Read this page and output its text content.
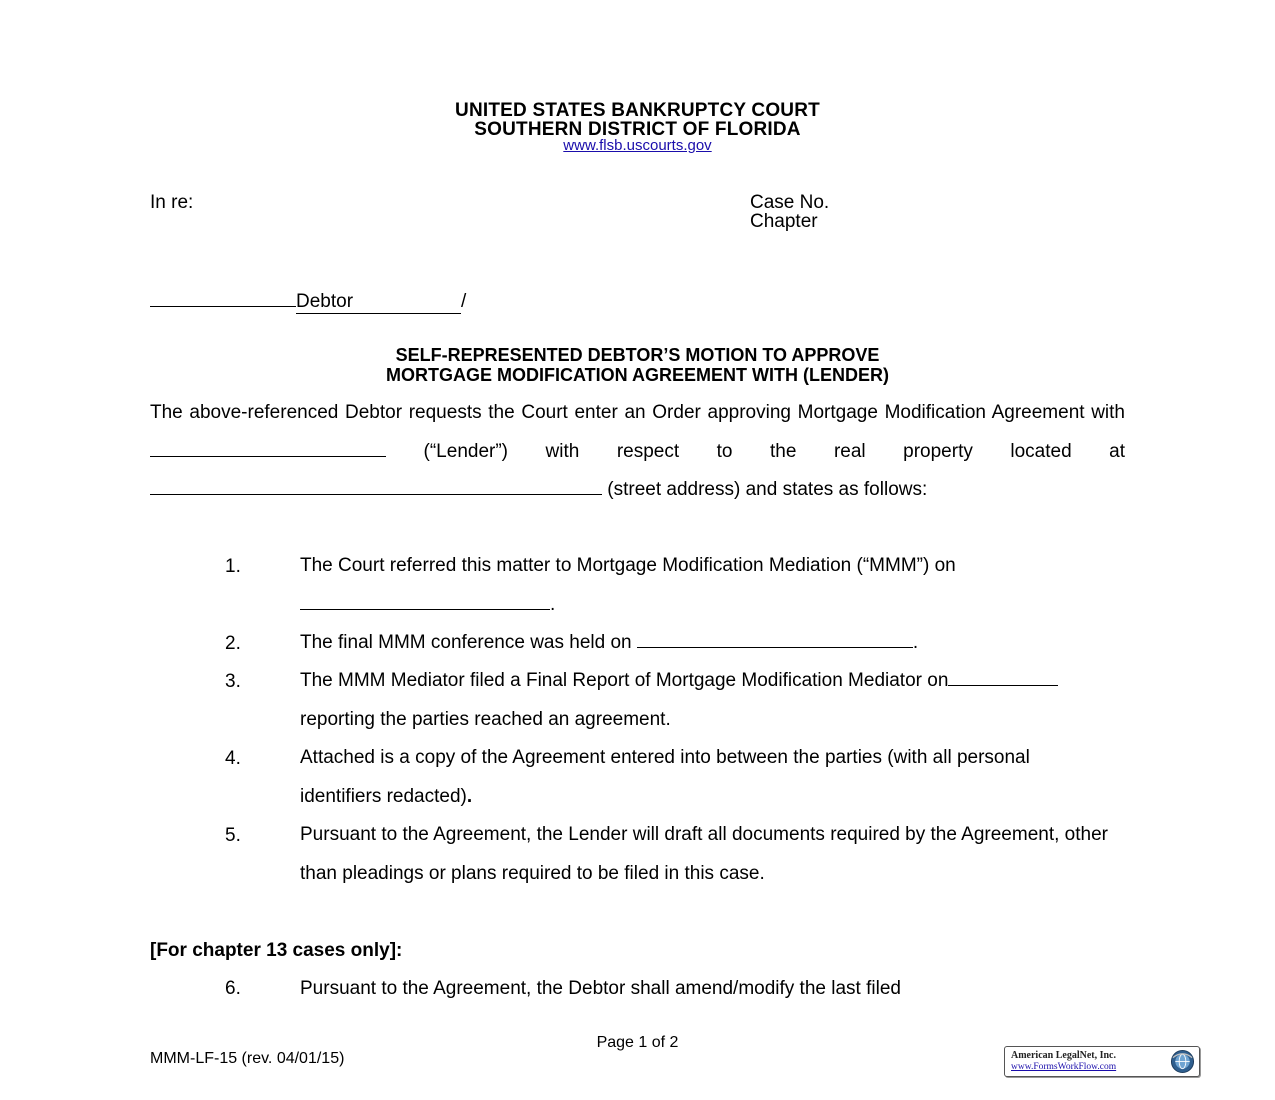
UNITED STATES BANKRUPTCY COURT
SOUTHERN DISTRICT OF FLORIDA
www.flsb.uscourts.gov
In re:	Case No.
Chapter
Debtor	/
SELF-REPRESENTED DEBTOR’S MOTION TO APPROVE
MORTGAGE MODIFICATION AGREEMENT WITH (LENDER)
The above-referenced Debtor requests the Court enter an Order approving Mortgage Modification Agreement with  (“Lender”) with respect to the real property located at  (street address) and states as follows:
1.	The Court referred this matter to Mortgage Modification Mediation (“MMM”) on .
2.	The final MMM conference was held on	.
3.	The MMM Mediator filed a Final Report of Mortgage Modification Mediator on reporting the parties reached an agreement.
4.	Attached is a copy of the Agreement entered into between the parties (with all personal identifiers redacted).
5.	Pursuant to the Agreement, the Lender will draft all documents required by the Agreement, other than pleadings or plans required to be filed in this case.
[For chapter 13 cases only]:
6.	Pursuant to the Agreement, the Debtor shall amend/modify the last filed
Page 1 of 2
MMM-LF-15 (rev. 04/01/15)	American LegalNet, Inc.
www.FormsWorkFlow.com
